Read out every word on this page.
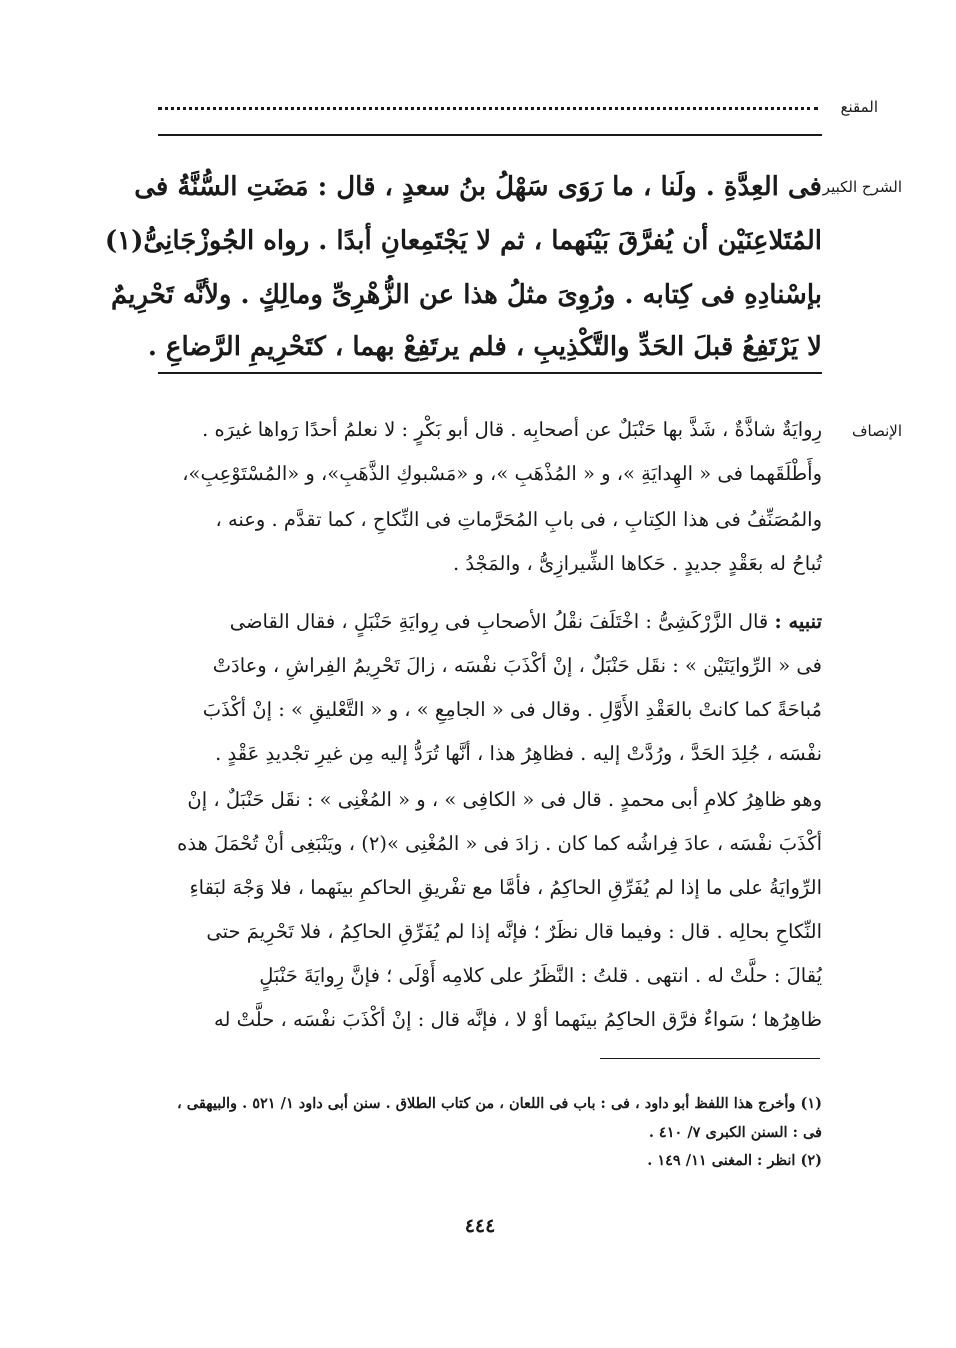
المقنع
الشرح الكبير
الإنصاف
فى العِدَّةِ . ولَنا ، ما رَوَى سَهْلُ بنُ سعدٍ ، قال : مَضَتِ السُّنَّةُ فى
المُتَلاعِنَيْن أن يُفرَّقَ بَيْنَهما ، ثم لا يَجْتَمِعانِ أبدًا . رواه الجُوزْجَانِىُّ(١)
بإسْنادِهِ فى كِتابه . ورُوِىَ مثلُ هذا عن الزُّهْرِىِّ ومالِكٍ . ولأنَّه تَحْرِيمٌ
لا يَرْتَفِعُ قبلَ الحَدِّ والتَّكْذِيبِ ، فلم يرتَفِعْ بهما ، كتَحْرِيمِ الرَّضاعِ .
رِوايَةٌ شاذَّةٌ ، شَذَّ بها حَنْبَلٌ عن أصحابِه . قال أبو بَكْرٍ : لا نعلمُ أحدًا رَواها غيرَه .
وأَطْلَقَهما فى « الهِدايَةِ »، و « المُذْهَبِ »، و «مَسْبوكِ الذَّهَبِ»، و «المُسْتَوْعِبِ»،
والمُصَنِّفُ فى هذا الكِتابِ ، فى بابِ المُحَرَّماتِ فى النِّكاحِ ، كما تقدَّم . وعنه ،
تُباحُ له بعَقْدٍ جديدٍ . حَكاها الشِّيرازِىُّ ، والمَجْدُ .
تنبيه : قال الزَّرْكَشِىُّ : اخْتَلَفَ نقْلُ الأصحابِ فى رِوايَةِ حَنْبَلٍ ، فقال القاضى
فى « الرِّوايَتَيْن » : نقَل حَنْبَلٌ ، إنْ أكْذَبَ نفْسَه ، زالَ تَحْرِيمُ الفِراشِ ، وعادَتْ
مُباحَةً كما كانتْ بالعَقْدِ الأَوَّلِ . وقال فى « الجامِعِ » ، و « التَّعْليقِ » : إنْ أكْذَبَ
نفْسَه ، جُلِدَ الحَدَّ ، ورُدَّتْ إليه . فظاهِرُ هذا ، أنَّها تُرَدُّ إليه مِن غيرِ تجْديدِ عَقْدٍ .
وهو ظاهِرُ كلامِ أبى محمدٍ . قال فى « الكافِى » ، و « المُغْنِى » : نقَل حَنْبَلٌ ، إنْ
أكْذَبَ نفْسَه ، عادَ فِراشُه كما كان . زادَ فى « المُغْنِى »(٢) ، ويَنْبَغِى أنْ تُحْمَلَ هذه
الرِّوايَةُ على ما إذا لم يُفَرِّقِ الحاكِمُ ، فأمَّا مع تفْريقِ الحاكمِ بينَهما ، فلا وَجْهَ لبَقاءِ
النِّكاحِ بحالِه . قال : وفيما قال نظَرٌ ؛ فإنَّه إذا لم يُفَرِّقِ الحاكِمُ ، فلا تَحْرِيمَ حتى
يُقالَ : حلَّتْ له . انتهى . قلتُ : النَّظَرُ على كلامِه أَوْلَى ؛ فإنَّ رِوايَةَ حَنْبَلٍ
ظاهِرُها ؛ سَواءٌ فرَّق الحاكِمُ بينَهما أوْ لا ، فإنَّه قال : إنْ أكْذَبَ نفْسَه ، حلَّتْ له
(١) وأخرج هذا اللفظ أبو داود ، فى : باب فى اللعان ، من كتاب الطلاق . سنن أبى داود ١/ ٥٢١ . والبيهقى ،
فى : السنن الكبرى ٧/ ٤١٠ .
(٢) انظر : المغنى ١١/ ١٤٩ .
٤٤٤
